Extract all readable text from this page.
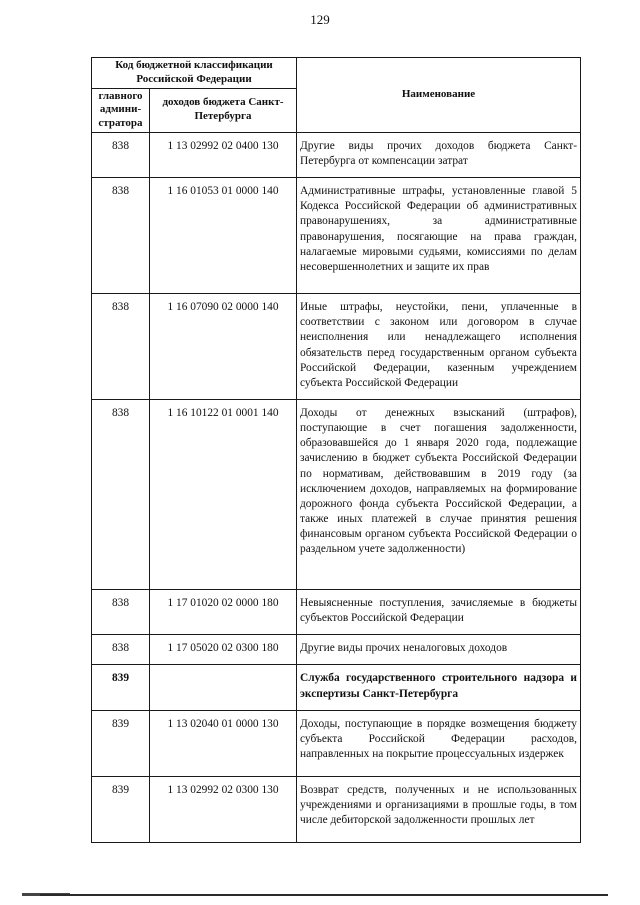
129
Код бюджетной классификации Российской Федерации		Наименование
главного админи-стратора	доходов бюджета Санкт-Петербурга	
838	1 13 02992 02 0400 130	Другие виды прочих доходов бюджета Санкт-Петербурга от компенсации затрат
838	1 16 01053 01 0000 140	Административные штрафы, установленные главой 5 Кодекса Российской Федерации об административных правонарушениях, за административные правонарушения, посягающие на права граждан, налагаемые мировыми судьями, комиссиями по делам несовершеннолетних и защите их прав
838	1 16 07090 02 0000 140	Иные штрафы, неустойки, пени, уплаченные в соответствии с законом или договором в случае неисполнения или ненадлежащего исполнения обязательств перед государственным органом субъекта Российской Федерации, казенным учреждением субъекта Российской Федерации
838	1 16 10122 01 0001 140	Доходы от денежных взысканий (штрафов), поступающие в счет погашения задолженности, образовавшейся до 1 января 2020 года, подлежащие зачислению в бюджет субъекта Российской Федерации по нормативам, действовавшим в 2019 году (за исключением доходов, направляемых на формирование дорожного фонда субъекта Российской Федерации, а также иных платежей в случае принятия решения финансовым органом субъекта Российской Федерации о раздельном учете задолженности)
838	1 17 01020 02 0000 180	Невыясненные поступления, зачисляемые в бюджеты субъектов Российской Федерации
838	1 17 05020 02 0300 180	Другие виды прочих неналоговых доходов
839		Служба государственного строительного надзора и экспертизы Санкт-Петербурга
839	1 13 02040 01 0000 130	Доходы, поступающие в порядке возмещения бюджету субъекта Российской Федерации расходов, направленных на покрытие процессуальных издержек
839	1 13 02992 02 0300 130	Возврат средств, полученных и не использованных учреждениями и организациями в прошлые годы, в том числе дебиторской задолженности прошлых лет
